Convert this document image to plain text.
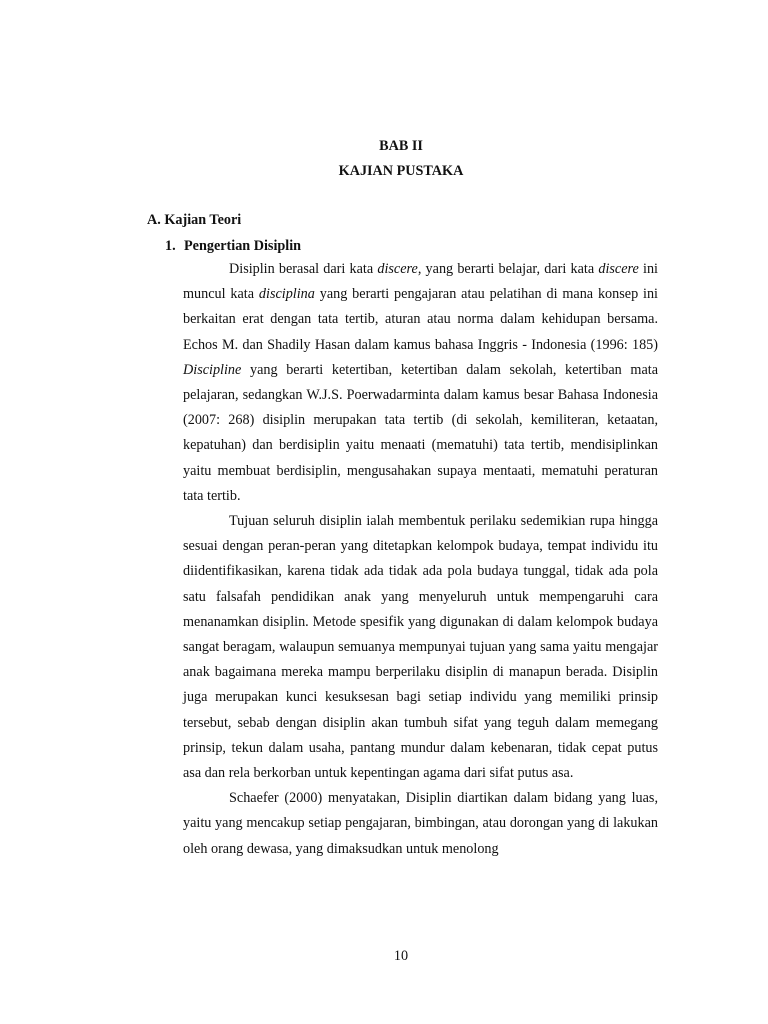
BAB II
KAJIAN PUSTAKA
A. Kajian Teori
1. Pengertian Disiplin

Disiplin berasal dari kata discere, yang berarti belajar, dari kata discere ini muncul kata disciplina yang berarti pengajaran atau pelatihan di mana konsep ini berkaitan erat dengan tata tertib, aturan atau norma dalam kehidupan bersama. Echos M. dan Shadily Hasan dalam kamus bahasa Inggris - Indonesia (1996: 185) Discipline yang berarti ketertiban, ketertiban dalam sekolah, ketertiban mata pelajaran, sedangkan W.J.S. Poerwadarminta dalam kamus besar Bahasa Indonesia (2007: 268) disiplin merupakan tata tertib (di sekolah, kemiliteran, ketaatan, kepatuhan) dan berdisiplin yaitu menaati (mematuhi) tata tertib, mendisiplinkan yaitu membuat berdisiplin, mengusahakan supaya mentaati, mematuhi peraturan tata tertib.

Tujuan seluruh disiplin ialah membentuk perilaku sedemikian rupa hingga sesuai dengan peran-peran yang ditetapkan kelompok budaya, tempat individu itu diidentifikasikan, karena tidak ada tidak ada pola budaya tunggal, tidak ada pola satu falsafah pendidikan anak yang menyeluruh untuk mempengaruhi cara menanamkan disiplin. Metode spesifik yang digunakan di dalam kelompok budaya sangat beragam, walaupun semuanya mempunyai tujuan yang sama yaitu mengajar anak bagaimana mereka mampu berperilaku disiplin di manapun berada. Disiplin juga merupakan kunci kesuksesan bagi setiap individu yang memiliki prinsip tersebut, sebab dengan disiplin akan tumbuh sifat yang teguh dalam memegang prinsip, tekun dalam usaha, pantang mundur dalam kebenaran, tidak cepat putus asa dan rela berkorban untuk kepentingan agama dari sifat putus asa.

Schaefer (2000) menyatakan, Disiplin diartikan dalam bidang yang luas, yaitu yang mencakup setiap pengajaran, bimbingan, atau dorongan yang di lakukan oleh orang dewasa, yang dimaksudkan untuk menolong

10
